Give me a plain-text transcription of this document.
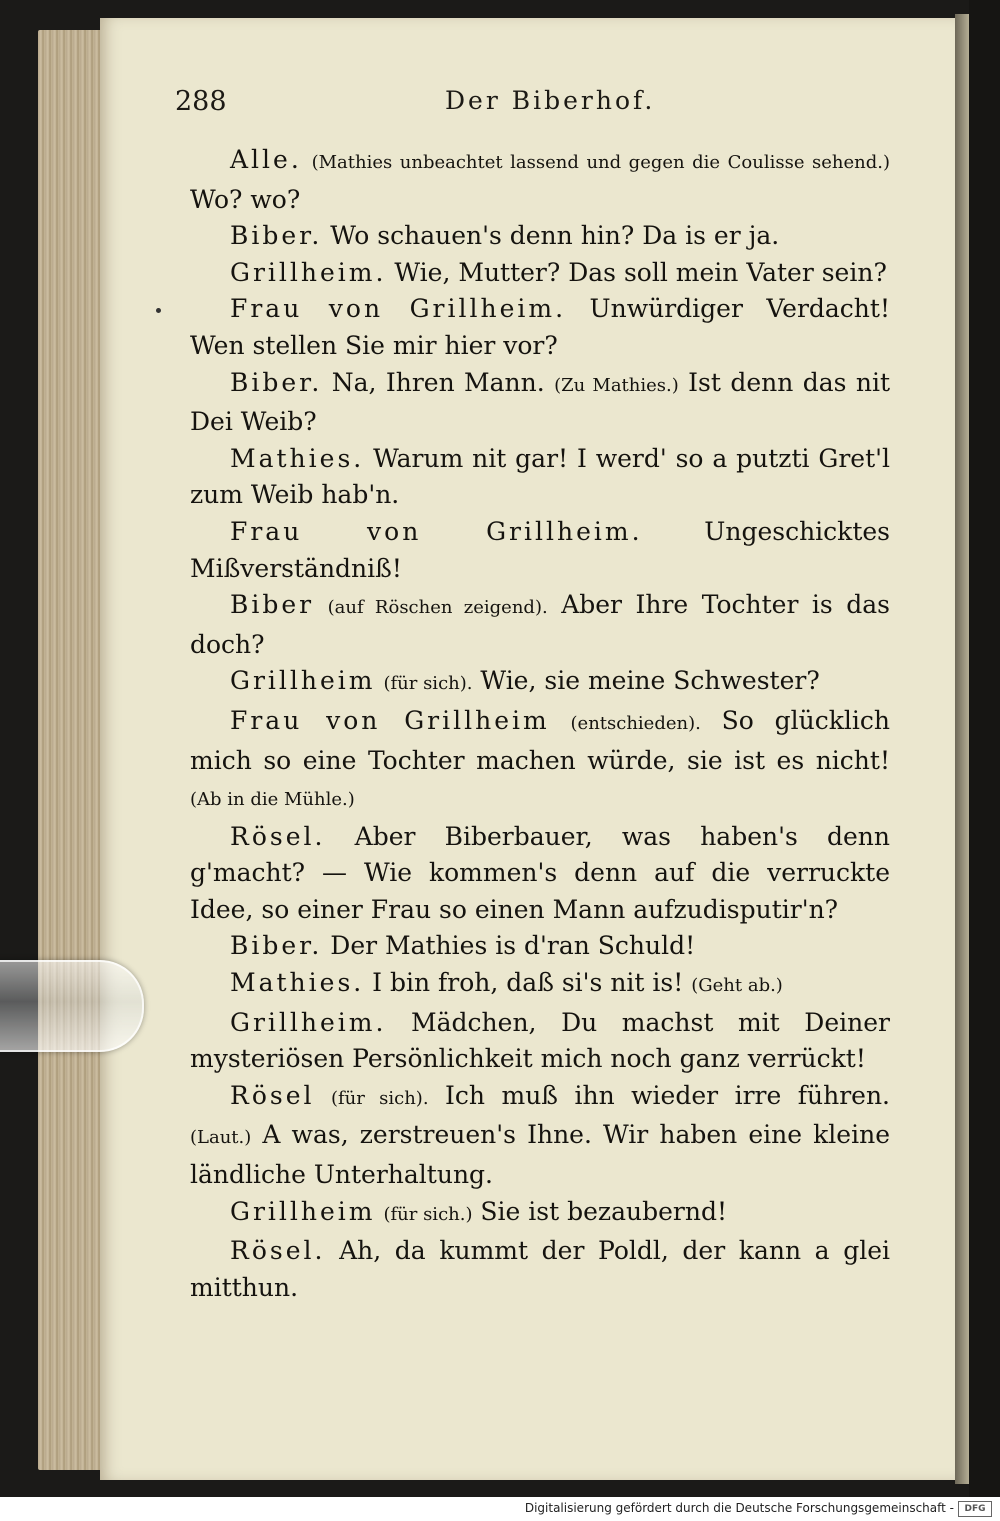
288	Der Biberhof.

Alle. (Mathies unbeachtet lassend und gegen die Coulisse sehend.) Wo? wo?

Biber. Wo schauen's denn hin? Da is er ja.

Grillheim. Wie, Mutter? Das soll mein Vater sein?

Frau von Grillheim. Unwürdiger Verdacht! Wen stellen Sie mir hier vor?

Biber. Na, Ihren Mann. (Zu Mathies.) Ist denn das nit Dei Weib?

Mathies. Warum nit gar! I werd' so a putzti Gret'l zum Weib hab'n.

Frau von Grillheim. Ungeschicktes Mißverständniß!

Biber (auf Röschen zeigend). Aber Ihre Tochter is das doch?

Grillheim (für sich). Wie, sie meine Schwester?

Frau von Grillheim (entschieden). So glücklich mich so eine Tochter machen würde, sie ist es nicht! (Ab in die Mühle.)

Rösel. Aber Biberbauer, was haben's denn g'macht? — Wie kommen's denn auf die verruckte Idee, so einer Frau so einen Mann aufzudisputir'n?

Biber. Der Mathies is d'ran Schuld!

Mathies. I bin froh, daß si's nit is! (Geht ab.)

Grillheim. Mädchen, Du machst mit Deiner mysteriösen Persönlichkeit mich noch ganz verrückt!

Rösel (für sich). Ich muß ihn wieder irre führen. (Laut.) A was, zerstreuen's Ihne. Wir haben eine kleine ländliche Unterhaltung.

Grillheim (für sich.) Sie ist bezaubernd!

Rösel. Ah, da kummt der Poldl, der kann a glei mitthun.

Digitalisierung gefördert durch die Deutsche Forschungsgemeinschaft -	DFG
